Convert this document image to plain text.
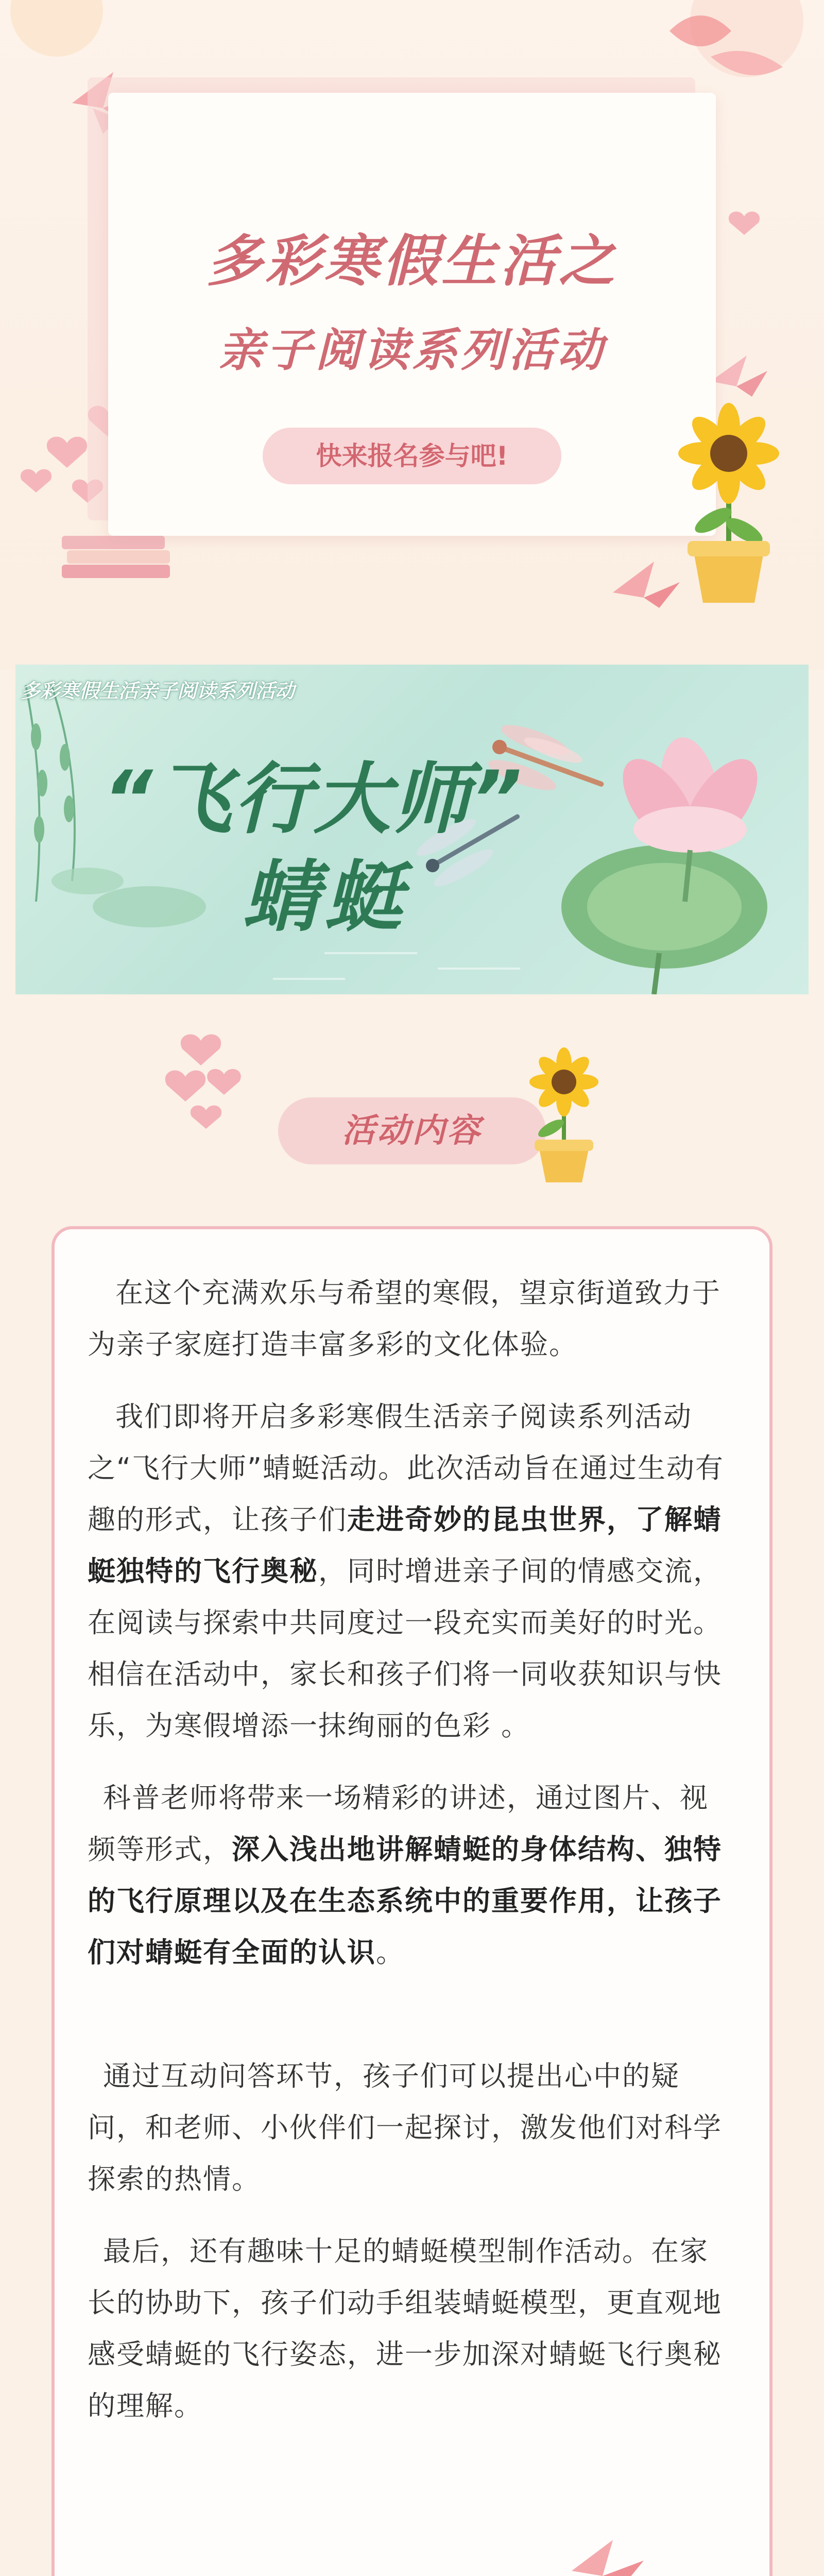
多彩寒假生活之
亲子阅读系列活动
快来报名参与吧!
多彩寒假生活亲子阅读系列活动
“飞行大师”
蜻蜓
活动内容
在这个充满欢乐与希望的寒假，望京街道致力于为亲子家庭打造丰富多彩的文化体验。
我们即将开启多彩寒假生活亲子阅读系列活动之“飞行大师”蜻蜓活动。此次活动旨在通过生动有趣的形式，让孩子们走进奇妙的昆虫世界，了解蜻蜓独特的飞行奥秘，同时增进亲子间的情感交流，在阅读与探索中共同度过一段充实而美好的时光。相信在活动中，家长和孩子们将一同收获知识与快乐，为寒假增添一抹绚丽的色彩 。
科普老师将带来一场精彩的讲述，通过图片、视频等形式，深入浅出地讲解蜻蜓的身体结构、独特的飞行原理以及在生态系统中的重要作用，让孩子们对蜻蜓有全面的认识。
通过互动问答环节，孩子们可以提出心中的疑问，和老师、小伙伴们一起探讨，激发他们对科学探索的热情。
最后，还有趣味十足的蜻蜓模型制作活动。在家长的协助下，孩子们动手组装蜻蜓模型，更直观地感受蜻蜓的飞行姿态，进一步加深对蜻蜓飞行奥秘的理解。
